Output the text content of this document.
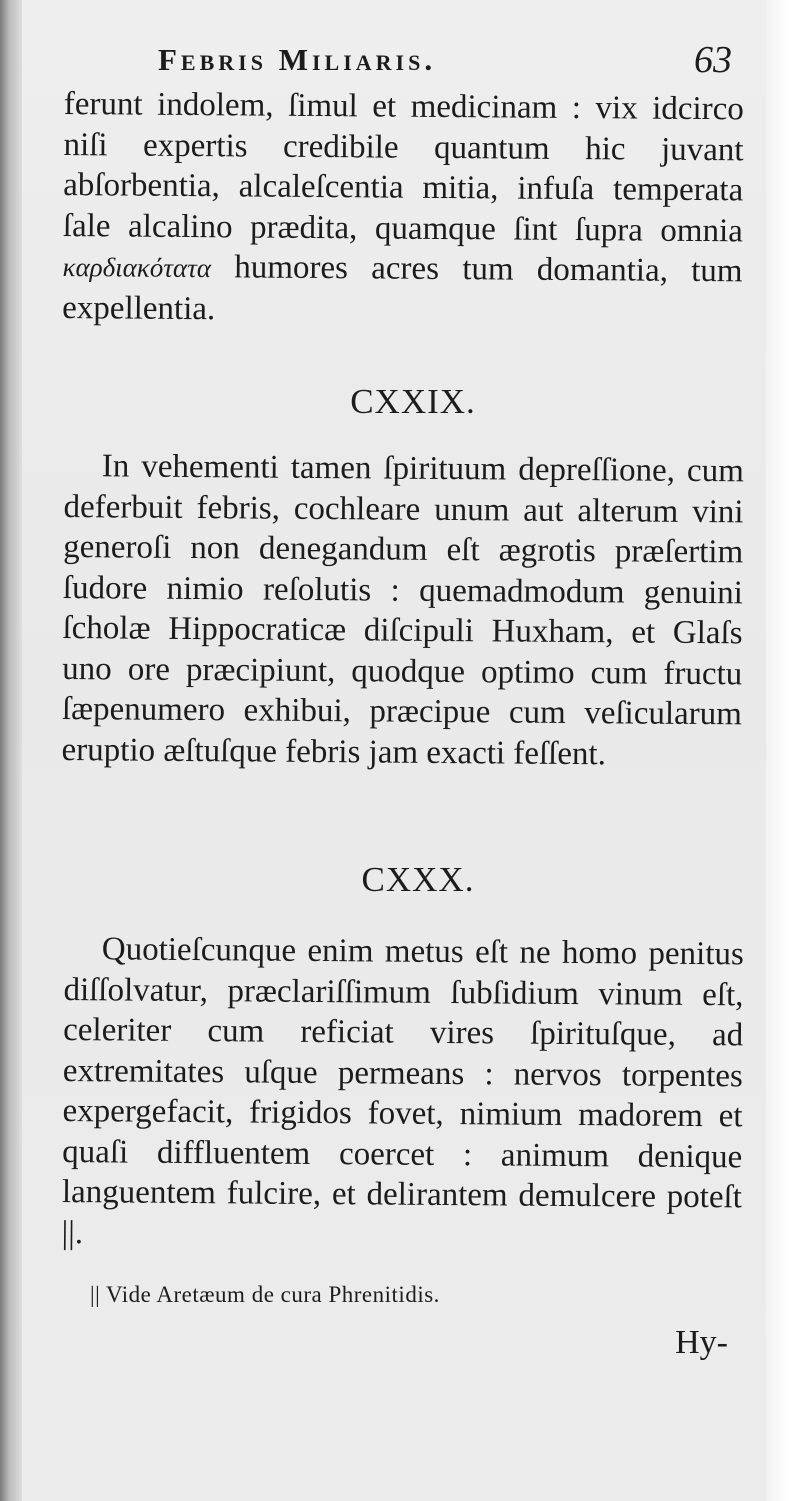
Febris Miliaris.	63

ferunt indolem, ſimul et medicinam : vix idcirco niſi expertis credibile quantum hic juvant abſorbentia, alcaleſcentia mitia, infuſa temperata ſale alcalino prædita, quamque ſint ſupra omnia καρδιακότατα humores acres tum domantia, tum expellentia.

CXXIX.

In vehementi tamen ſpirituum depreſſione, cum deferbuit febris, cochleare unum aut alterum vini generoſi non denegandum eſt ægrotis præſertim ſudore nimio reſolutis : quemadmodum genuini ſcholæ Hippocraticæ diſcipuli Huxham, et Glaſs uno ore præcipiunt, quodque optimo cum fructu ſæpenumero exhibui, præcipue cum veſicularum eruptio æſtuſque febris jam exacti feſſent.

CXXX.

Quotieſcunque enim metus eſt ne homo penitus diſſolvatur, præclariſſimum ſubſidium vinum eſt, celeriter cum reficiat vires ſpirituſque, ad extremitates uſque permeans : nervos torpentes expergefacit, frigidos fovet, nimium madorem et quaſi diffluentem coercet : animum denique languentem fulcire, et delirantem demulcere poteſt ||.

|| Vide Aretæum de cura Phrenitidis.
Hy-
